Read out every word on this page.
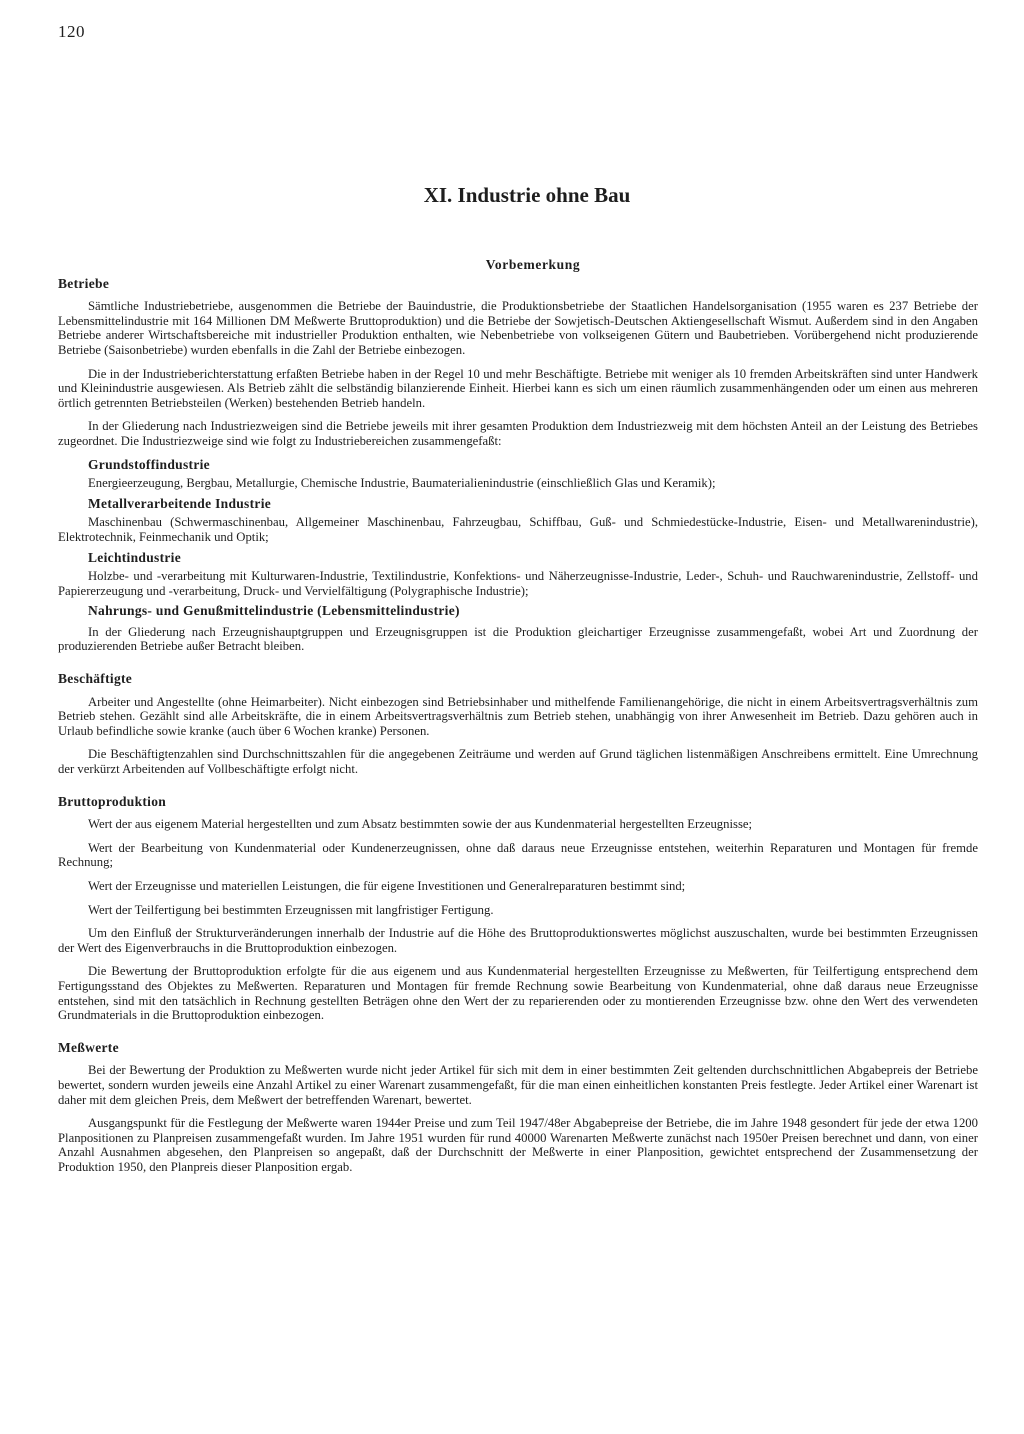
120
XI. Industrie ohne Bau
Vorbemerkung
Betriebe

Sämtliche Industriebetriebe, ausgenommen die Betriebe der Bauindustrie, die Produktionsbetriebe der Staatlichen Handelsorganisation (1955 waren es 237 Betriebe der Lebensmittelindustrie mit 164 Millionen DM Meßwerte Bruttoproduktion) und die Betriebe der Sowjetisch-Deutschen Aktiengesellschaft Wismut. Außerdem sind in den Angaben Betriebe anderer Wirtschaftsbereiche mit industrieller Produktion enthalten, wie Nebenbetriebe von volkseigenen Gütern und Baubetrieben. Vorübergehend nicht produzierende Betriebe (Saisonbetriebe) wurden ebenfalls in die Zahl der Betriebe einbezogen.

Die in der Industrieberichterstattung erfaßten Betriebe haben in der Regel 10 und mehr Beschäftigte. Betriebe mit weniger als 10 fremden Arbeitskräften sind unter Handwerk und Kleinindustrie ausgewiesen. Als Betrieb zählt die selbständig bilanzierende Einheit. Hierbei kann es sich um einen räumlich zusammenhängenden oder um einen aus mehreren örtlich getrennten Betriebsteilen (Werken) bestehenden Betrieb handeln.

In der Gliederung nach Industriezweigen sind die Betriebe jeweils mit ihrer gesamten Produktion dem Industriezweig mit dem höchsten Anteil an der Leistung des Betriebes zugeordnet. Die Industriezweige sind wie folgt zu Industriebereichen zusammengefaßt:

Grundstoffindustrie
Energieerzeugung, Bergbau, Metallurgie, Chemische Industrie, Baumaterialienindustrie (einschließlich Glas und Keramik);
Metallverarbeitende Industrie
Maschinenbau (Schwermaschinenbau, Allgemeiner Maschinenbau, Fahrzeugbau, Schiffbau, Guß- und Schmiedestücke-Industrie, Eisen- und Metallwarenindustrie), Elektrotechnik, Feinmechanik und Optik;
Leichtindustrie
Holzbe- und -verarbeitung mit Kulturwaren-Industrie, Textilindustrie, Konfektions- und Näherzeugnisse-Industrie, Leder-, Schuh- und Rauchwarenindustrie, Zellstoff- und Papiererzeugung und -verarbeitung, Druck- und Vervielfältigung (Polygraphische Industrie);
Nahrungs- und Genußmittelindustrie (Lebensmittelindustrie)

In der Gliederung nach Erzeugnishauptgruppen und Erzeugnisgruppen ist die Produktion gleichartiger Erzeugnisse zusammengefaßt, wobei Art und Zuordnung der produzierenden Betriebe außer Betracht bleiben.

Beschäftigte

Arbeiter und Angestellte (ohne Heimarbeiter). Nicht einbezogen sind Betriebsinhaber und mithelfende Familienangehörige, die nicht in einem Arbeitsvertragsverhältnis zum Betrieb stehen. Gezählt sind alle Arbeitskräfte, die in einem Arbeitsvertragsverhältnis zum Betrieb stehen, unabhängig von ihrer Anwesenheit im Betrieb. Dazu gehören auch in Urlaub befindliche sowie kranke (auch über 6 Wochen kranke) Personen.

Die Beschäftigtenzahlen sind Durchschnittszahlen für die angegebenen Zeiträume und werden auf Grund täglichen listenmäßigen Anschreibens ermittelt. Eine Umrechnung der verkürzt Arbeitenden auf Vollbeschäftigte erfolgt nicht.

Bruttoproduktion

Wert der aus eigenem Material hergestellten und zum Absatz bestimmten sowie der aus Kundenmaterial hergestellten Erzeugnisse;

Wert der Bearbeitung von Kundenmaterial oder Kundenerzeugnissen, ohne daß daraus neue Erzeugnisse entstehen, weiterhin Reparaturen und Montagen für fremde Rechnung;

Wert der Erzeugnisse und materiellen Leistungen, die für eigene Investitionen und Generalreparaturen bestimmt sind;

Wert der Teilfertigung bei bestimmten Erzeugnissen mit langfristiger Fertigung.

Um den Einfluß der Strukturveränderungen innerhalb der Industrie auf die Höhe des Bruttoproduktionswertes möglichst auszuschalten, wurde bei bestimmten Erzeugnissen der Wert des Eigenverbrauchs in die Bruttoproduktion einbezogen.

Die Bewertung der Bruttoproduktion erfolgte für die aus eigenem und aus Kundenmaterial hergestellten Erzeugnisse zu Meßwerten, für Teilfertigung entsprechend dem Fertigungsstand des Objektes zu Meßwerten. Reparaturen und Montagen für fremde Rechnung sowie Bearbeitung von Kundenmaterial, ohne daß daraus neue Erzeugnisse entstehen, sind mit den tatsächlich in Rechnung gestellten Beträgen ohne den Wert der zu reparierenden oder zu montierenden Erzeugnisse bzw. ohne den Wert des verwendeten Grundmaterials in die Bruttoproduktion einbezogen.

Meßwerte

Bei der Bewertung der Produktion zu Meßwerten wurde nicht jeder Artikel für sich mit dem in einer bestimmten Zeit geltenden durchschnittlichen Abgabepreis der Betriebe bewertet, sondern wurden jeweils eine Anzahl Artikel zu einer Warenart zusammengefaßt, für die man einen einheitlichen konstanten Preis festlegte. Jeder Artikel einer Warenart ist daher mit dem gleichen Preis, dem Meßwert der betreffenden Warenart, bewertet.

Ausgangspunkt für die Festlegung der Meßwerte waren 1944er Preise und zum Teil 1947/48er Abgabepreise der Betriebe, die im Jahre 1948 gesondert für jede der etwa 1200 Planpositionen zu Planpreisen zusammengefaßt wurden. Im Jahre 1951 wurden für rund 40000 Warenarten Meßwerte zunächst nach 1950er Preisen berechnet und dann, von einer Anzahl Ausnahmen abgesehen, den Planpreisen so angepaßt, daß der Durchschnitt der Meßwerte in einer Planposition, gewichtet entsprechend der Zusammensetzung der Produktion 1950, den Planpreis dieser Planposition ergab.
